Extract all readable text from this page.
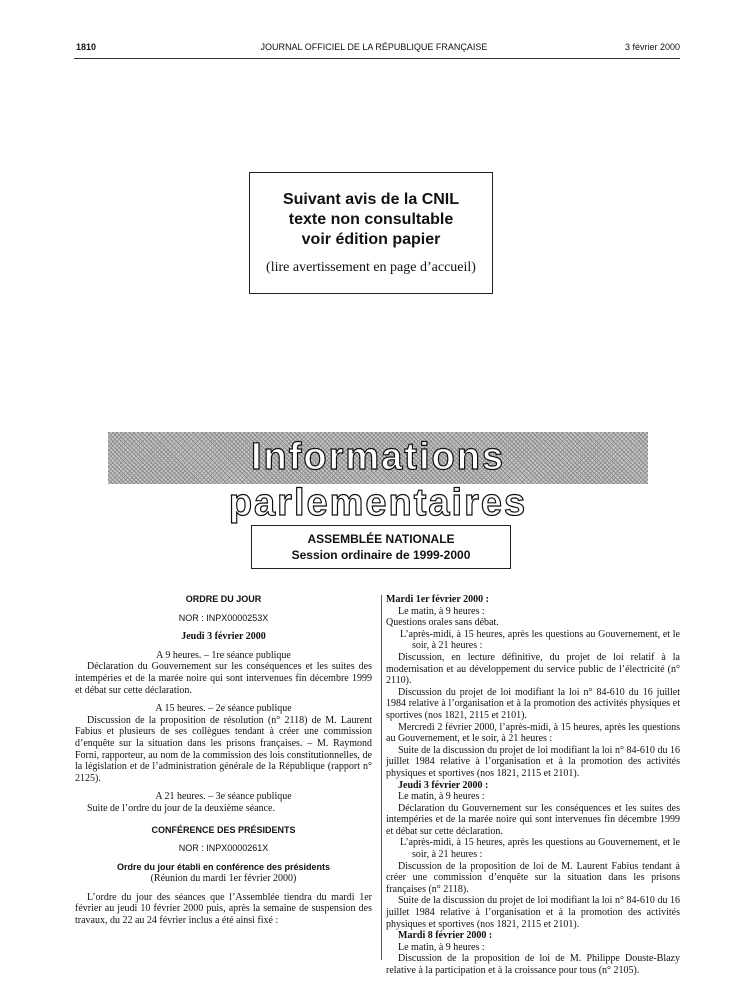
1810	JOURNAL OFFICIEL DE LA RÉPUBLIQUE FRANÇAISE	3 février 2000
Suivant avis de la CNIL
texte non consultable
voir édition papier
(lire avertissement en page d’accueil)
Informations parlementaires
ASSEMBLÉE NATIONALE
Session ordinaire de 1999-2000
ORDRE DU JOUR
NOR : INPX0000253X
Jeudi 3 février 2000
A 9 heures. – 1re séance publique
Déclaration du Gouvernement sur les conséquences et les suites des intempéries et de la marée noire qui sont intervenues fin décembre 1999 et débat sur cette déclaration.
A 15 heures. – 2e séance publique
Discussion de la proposition de résolution (n° 2118) de M. Laurent Fabius et plusieurs de ses collègues tendant à créer une commission d’enquête sur la situation dans les prisons françaises. – M. Raymond Forni, rapporteur, au nom de la commission des lois constitutionnelles, de la législation et de l’administration générale de la République (rapport n° 2125).
A 21 heures. – 3e séance publique
Suite de l’ordre du jour de la deuxième séance.
CONFÉRENCE DES PRÉSIDENTS
NOR : INPX0000261X
Ordre du jour établi en conférence des présidents
(Réunion du mardi 1er février 2000)
L’ordre du jour des séances que l’Assemblée tiendra du mardi 1er février au jeudi 10 février 2000 puis, après la semaine de suspension des travaux, du 22 au 24 février inclus a été ainsi fixé :
Mardi 1er février 2000 :
Le matin, à 9 heures :
Questions orales sans débat.
L’après-midi, à 15 heures, après les questions au Gouvernement, et le soir, à 21 heures :
Discussion, en lecture définitive, du projet de loi relatif à la modernisation et au développement du service public de l’électricité (n° 2110).
Discussion du projet de loi modifiant la loi n° 84-610 du 16 juillet 1984 relative à l’organisation et à la promotion des activités physiques et sportives (nos 1821, 2115 et 2101).
Mercredi 2 février 2000, l’après-midi, à 15 heures, après les questions au Gouvernement, et le soir, à 21 heures :
Suite de la discussion du projet de loi modifiant la loi n° 84-610 du 16 juillet 1984 relative à l’organisation et à la promotion des activités physiques et sportives (nos 1821, 2115 et 2101).
Jeudi 3 février 2000 :
Le matin, à 9 heures :
Déclaration du Gouvernement sur les conséquences et les suites des intempéries et de la marée noire qui sont intervenues fin décembre 1999 et débat sur cette déclaration.
L’après-midi, à 15 heures, après les questions au Gouvernement, et le soir, à 21 heures :
Discussion de la proposition de loi de M. Laurent Fabius tendant à créer une commission d’enquête sur la situation dans les prisons françaises (n° 2118).
Suite de la discussion du projet de loi modifiant la loi n° 84-610 du 16 juillet 1984 relative à l’organisation et à la promotion des activités physiques et sportives (nos 1821, 2115 et 2101).
Mardi 8 février 2000 :
Le matin, à 9 heures :
Discussion de la proposition de loi de M. Philippe Douste-Blazy relative à la participation et à la croissance pour tous (n° 2105).
